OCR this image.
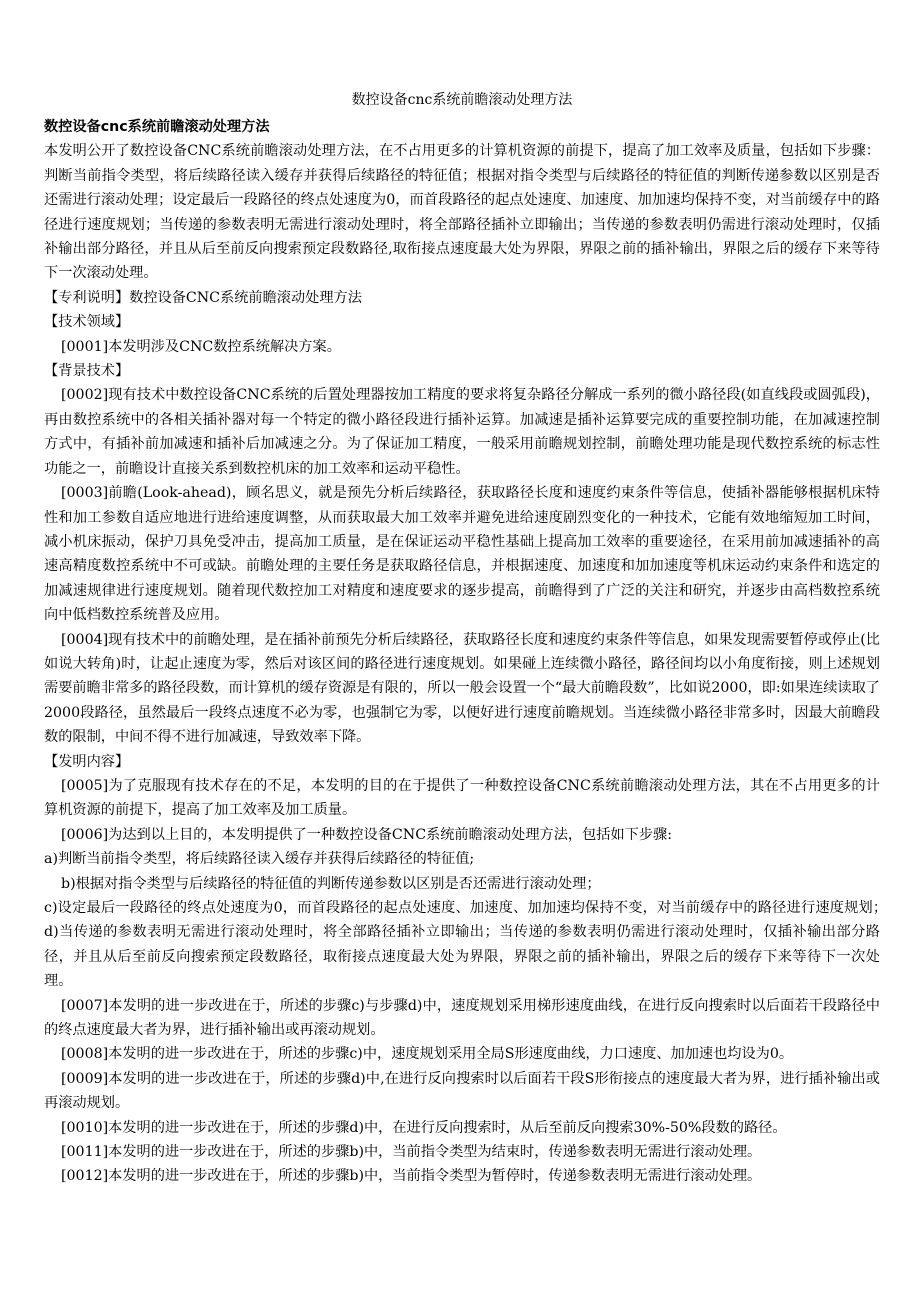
数控设备cnc系统前瞻滚动处理方法

数控设备cnc系统前瞻滚动处理方法

本发明公开了数控设备CNC系统前瞻滚动处理方法，在不占用更多的计算机资源的前提下，提高了加工效率及质量，包括如下步骤：判断当前指令类型，将后续路径读入缓存并获得后续路径的特征值；根据对指令类型与后续路径的特征值的判断传递参数以区别是否还需进行滚动处理；设定最后一段路径的终点处速度为0，而首段路径的起点处速度、加速度、加加速均保持不变，对当前缓存中的路径进行速度规划；当传递的参数表明无需进行滚动处理时，将全部路径插补立即输出；当传递的参数表明仍需进行滚动处理时，仅插补输出部分路径，并且从后至前反向搜索预定段数路径,取衔接点速度最大处为界限，界限之前的插补输出，界限之后的缓存下来等待下一次滚动处理。

【专利说明】数控设备CNC系统前瞻滚动处理方法

【技术领域】

[0001]本发明涉及CNC数控系统解决方案。

【背景技术】

[0002]现有技术中数控设备CNC系统的后置处理器按加工精度的要求将复杂路径分解成一系列的微小路径段(如直线段或圆弧段)，再由数控系统中的各相关插补器对每一个特定的微小路径段进行插补运算。加减速是插补运算要完成的重要控制功能，在加减速控制方式中，有插补前加减速和插补后加减速之分。为了保证加工精度，一般采用前瞻规划控制，前瞻处理功能是现代数控系统的标志性功能之一，前瞻设计直接关系到数控机床的加工效率和运动平稳性。

[0003]前瞻(Look-ahead)，顾名思义，就是预先分析后续路径，获取路径长度和速度约束条件等信息，使插补器能够根据机床特性和加工参数自适应地进行进给速度调整，从而获取最大加工效率并避免进给速度剧烈变化的一种技术，它能有效地缩短加工时间，减小机床振动，保护刀具免受冲击，提高加工质量，是在保证运动平稳性基础上提高加工效率的重要途径，在采用前加减速插补的高速高精度数控系统中不可或缺。前瞻处理的主要任务是获取路径信息，并根据速度、加速度和加加速度等机床运动约束条件和选定的加减速规律进行速度规划。随着现代数控加工对精度和速度要求的逐步提高，前瞻得到了广泛的关注和研究，并逐步由高档数控系统向中低档数控系统普及应用。

[0004]现有技术中的前瞻处理，是在插补前预先分析后续路径，获取路径长度和速度约束条件等信息，如果发现需要暂停或停止(比如说大转角)时，让起止速度为零，然后对该区间的路径进行速度规划。如果碰上连续微小路径，路径间均以小角度衔接，则上述规划需要前瞻非常多的路径段数，而计算机的缓存资源是有限的，所以一般会设置一个“最大前瞻段数”，比如说2000，即:如果连续读取了 2000段路径，虽然最后一段终点速度不必为零，也强制它为零，以便好进行速度前瞻规划。当连续微小路径非常多时，因最大前瞻段数的限制，中间不得不进行加减速，导致效率下降。

【发明内容】

[0005]为了克服现有技术存在的不足，本发明的目的在于提供了一种数控设备CNC系统前瞻滚动处理方法，其在不占用更多的计算机资源的前提下，提高了加工效率及加工质量。

[0006]为达到以上目的，本发明提供了一种数控设备CNC系统前瞻滚动处理方法，包括如下步骤:

a)判断当前指令类型，将后续路径读入缓存并获得后续路径的特征值;

b)根据对指令类型与后续路径的特征值的判断传递参数以区别是否还需进行滚动处理；

c)设定最后一段路径的终点处速度为0，而首段路径的起点处速度、加速度、加加速均保持不变，对当前缓存中的路径进行速度规划；　d)当传递的参数表明无需进行滚动处理时，将全部路径插补立即输出；当传递的参数表明仍需进行滚动处理时，仅插补输出部分路径，并且从后至前反向搜索预定段数路径，取衔接点速度最大处为界限，界限之前的插补输出，界限之后的缓存下来等待下一次处理。

[0007]本发明的进一步改进在于，所述的步骤c)与步骤d)中，速度规划采用梯形速度曲线，在进行反向搜索时以后面若干段路径中的终点速度最大者为界，进行插补输出或再滚动规划。

[0008]本发明的进一步改进在于，所述的步骤c)中，速度规划采用全局S形速度曲线，力口速度、加加速也均设为0。

[0009]本发明的进一步改进在于，所述的步骤d)中,在进行反向搜索时以后面若干段S形衔接点的速度最大者为界，进行插补输出或再滚动规划。

[0010]本发明的进一步改进在于，所述的步骤d)中，在进行反向搜索时，从后至前反向搜索30%-50%段数的路径。

[0011]本发明的进一步改进在于，所述的步骤b)中，当前指令类型为结束时，传递参数表明无需进行滚动处理。

[0012]本发明的进一步改进在于，所述的步骤b)中，当前指令类型为暂停时，传递参数表明无需进行滚动处理。
